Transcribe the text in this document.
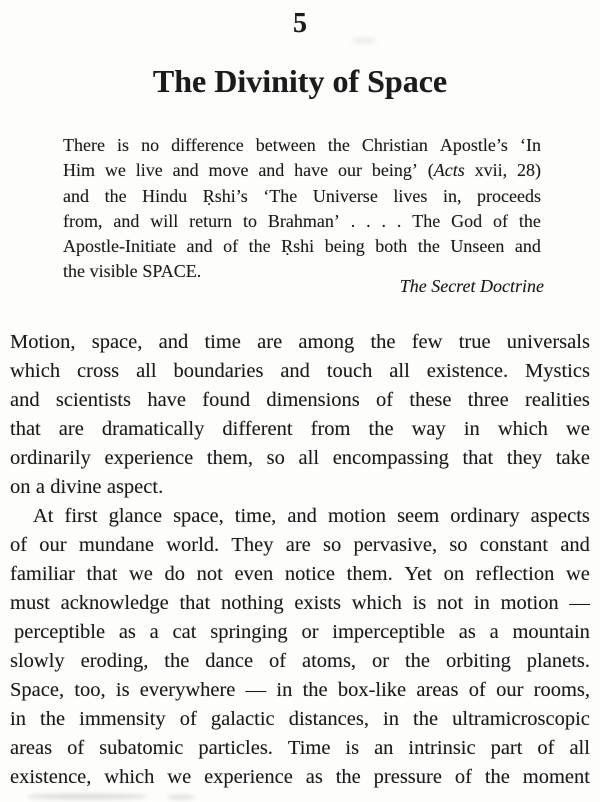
5
The Divinity of Space
There is no difference between the Christian Apostle’s ‘In
Him we live and move and have our being’ (Acts xvii, 28)
and the Hindu Ṛshi’s ‘The Universe lives in, proceeds
from, and will return to Brahman’ . . . . The God of the
Apostle-Initiate and of the Ṛshi being both the Unseen and
the visible SPACE.
The Secret Doctrine
Motion, space, and time are among the few true universals
which cross all boundaries and touch all existence. Mystics
and scientists have found dimensions of these three realities
that are dramatically different from the way in which we
ordinarily experience them, so all encompassing that they take
on a divine aspect.
At first glance space, time, and motion seem ordinary aspects
of our mundane world. They are so pervasive, so constant and
familiar that we do not even notice them. Yet on reflection we
must acknowledge that nothing exists which is not in motion —
perceptible as a cat springing or imperceptible as a mountain
slowly eroding, the dance of atoms, or the orbiting planets.
Space, too, is everywhere — in the box-like areas of our rooms,
in the immensity of galactic distances, in the ultramicroscopic
areas of subatomic particles. Time is an intrinsic part of all
existence, which we experience as the pressure of the moment
